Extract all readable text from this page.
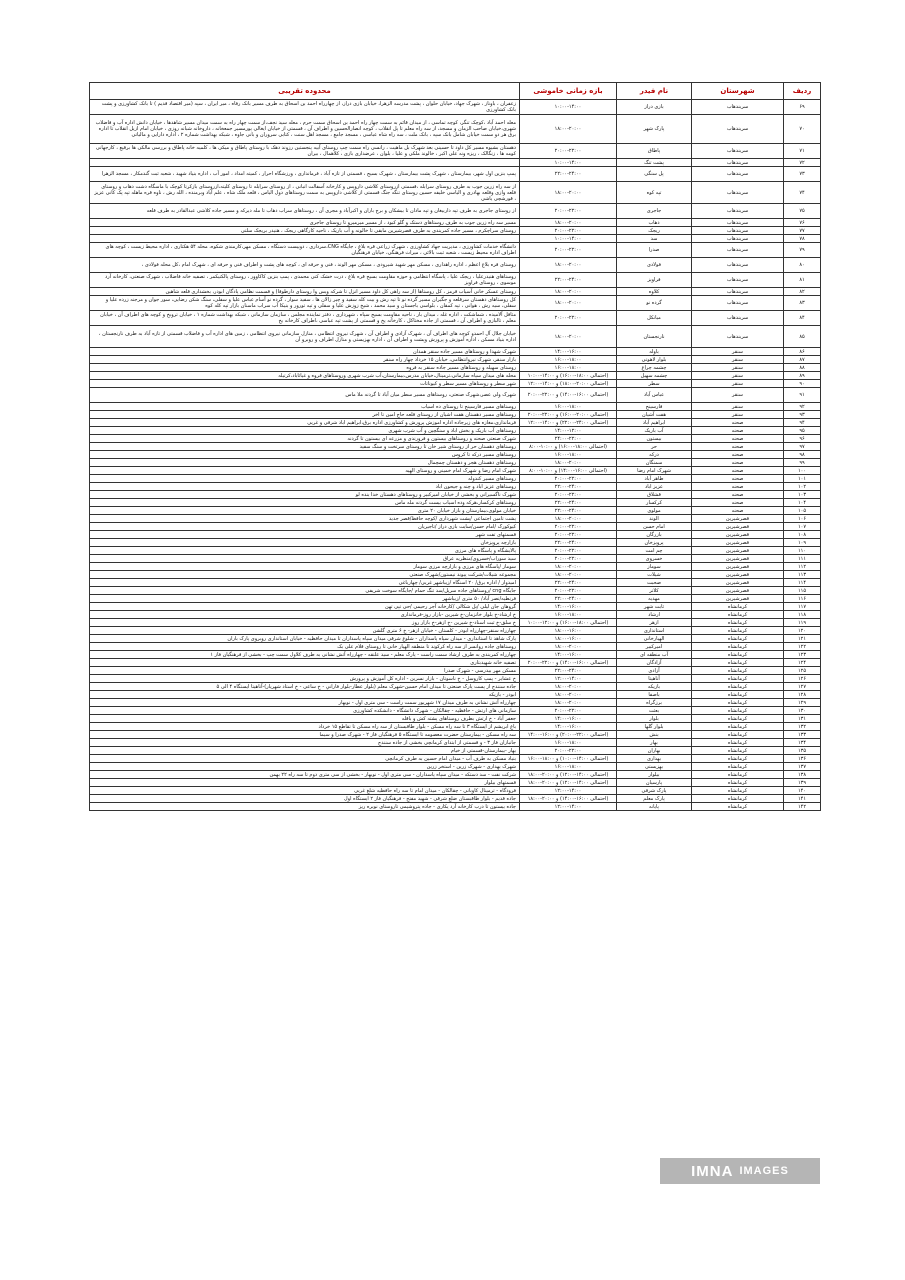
ردیف	شهرستان	نام فیدر	بازه زمانی خاموشی	محدوده تقریبی
۶۹	سربندهاب	بازی دراز	۱۰:۰۰-۱۴:۰۰	زعفران ، باوناز ، شهرک جهاد، خیابان حلوان ، پشت مدرسه الزهرا، خیابان بازی دراز، از چهارراه احمد بن اسحاق به طرف مسیر بانک رفاه ، میر ایران ، سپه (میر اقتصاد قدیم ) تا بانک کشاورزی و پشت بانک کشاورزی
۷۰	سربندهاب	پارک شهر	۱۸:۰۰-۲۰:۰۰	معله احمد آباد ،کوچک تنگر، کوچه تماسی ، از میدان قائم به سمت چهار راه احمد بن اسحاق سمت حرم ، معله سید نجف،از سمت چهار راه به سمت میدان مسیر شاهدها ، خیابان دانش اداره آب و فاضلاب شهری،خیابان صاحب الزمان و مسجد، از سه راه معلم تا پل انقلاب ، کوچه انصارالحسین و اطراف آن ، قسمتی از خیابان ایغالی پورمسیر جمعخانه ، داروخانه شبانه روزی ، خیابان امام ازیل انقلاب تا اداره برق هر دو سمت خیابان شامل بانک سپه ، بانک ملت ، سه راه شاه عباسی ، مسجد جامع ، مسجد اهل سنت ، کتابی سروران و بانی جاوه ، شبکه بهداشت شماره ۲ ، اداره دارایی و مالیاتی
۷۱	سربندهاب	پاطاق	۲۰:۰۰-۲۲:۰۰	دهستان بشیوه مسیر کل داود تا حسینی بعد شهرک بل ماهیت ، رانسی راه سمت چپ روستای آبیه پنجستین رزوند دهک با روستای پاطاق و میکی ها ، کلمیه خانه پاطاق و بررسی مالکی ها برقیع ، کارجهانی کومه ها ، زنگالک ، ریزه ونه علی اکبر ، خالوند ملکی و علیا ، بلوان ، عرضداری بازی ، کلاهمال ، بیران
۷۲	سربندهاب	پشت تنگ	۱۰:۰۰-۱۴:۰۰	
۷۳	سربندهاب	پل سنگی	۲۲:۰۰-۲۴:۰۰	پمپ بنزین اول شهر، بیمارستان ، شهرک پشت بیمارستان ، شهرک بسیج ، قسمتی از تازه آباد ، فرمانداری ، ورزشگاه احرار ، کمیته امداد ، امور آب ، اداره بنیاد شهید ، شعبه ثبت گندمکار ، مسجد الزهرا
۷۴	سربندهاب	تپه کوه	۱۸:۰۰-۲۰:۰۰	از سه راه زرین جوب به طرف روستای سرابله ،قسمتی ازروستای کلاشی داروپس و کارخانه آسفالت انبانی ، از روستای سرابله تا روستای کلیته،ازروستای بازکرتا کوچک با ماسگاه دشت ذهاب و روستای قلعه وازی وقلعه بهادری و الیاسی خلیفه حسین روستای تنگه جنگ قسمتی از کلاشی داروپس به سمت روستاهای دول الیاس ، قلعه ملک شاه ، علم آباد وبرمنده ، الله رش ، ناوه قره ماهله تپه پک کانی عزیز ، قورشچی یاشی
۷۵	سربندهاب	جاجری	۲۰:۰۰-۲۲:۰۰	از روستای جاجری به طرف تپه داربیغان و تپه مادان تا بیشکان و برج باران و اکبرآباد و مجری آن ، روستاهای سراب دهاب تا مله دیرکه و مسیر جاده کلاشی عبدالقادر به طرف قلعه
۷۶	سربندهاب	ذهاب	۱۸:۰۰-۲۰:۰۰	مسیر سه راه زرین جوب به طرف روستاهای دستک و گلو کبود ، از مسیر میرمیرو تا روستای جاجری
۷۷	سربندهاب	ریجک	۲۰:۰۰-۲۲:۰۰	روستای سراچکرم ، مسیر جاده کمربندی به طرف قصرشیرین مابقی تا خالونه و آب باریک ، ناحیه کارگاهی ریجک ، هنیدر بریجک سلتی
۷۸	سربندهاب	سد	۱۰:۰۰-۱۴:۰۰	
۷۹	سربندهاب	صدرا	۲۰:۰۰-۲۲:۰۰	دانشگاه خدمات کشاورزی ، مدیریت جهاد کشاورزی ، شهرک زراعی قره بلاغ ، جایگاه CNG،سرداری ، دوییست دستگاه ، مسکن مهر،کارمندی شکوه، محله ۵۴ هکتاری ، اداره محیط زیست ، کوچه های اطراف اداره محیط زیست ، شعبه ثبت بالائی ، میراث فرهنگی، خیابان فرهنگیان
۸۰	سربندهاب	فولادی	۱۸:۰۰-۲۰:۰۰	روستای قره بلاغ اعظم ، اداره راهداری ، مسکن مهر شهید شیرودی ، مسکن مهر الوند ، فنی و حرفه ای ، کوچه های پشت و اطراف فنی و حرفه ای ، شهرک امام ،کل محله فولادی ،
۸۱	سربندهاب	فراویز	۲۲:۰۰-۲۴:۰۰	روستاهای هنیدرعلیا ، ریجک علیا ، پاسگاه انتظامی و حوزه مقاومت بسیج قره بلاغ ، ذرت خشک کنی محمدی ، پمپ بنزین کاکاوور ، روستای پالکنیکمر ، تصفیه خانه فاضلاب ، شهرک صنعتی، کارخانه آرد موسوی ، روستای فراویز
۸۲	سربندهاب	کلاوه	۱۸:۰۰-۲۰:۰۰	روستای عسکر خانی آسیاب قرمز ، کل روستاها (از سه راهی کل داود مسیر انزل تا شرکه ویس وا روستای دارطوفا) و قسمت نظامی پادگان ابوذر، بخشداری قلعه شاهین
۸۳	سربندهاب	گرده نو	۱۸:۰۰-۲۰:۰۰	کل روستاهای دهستان سرقلعه و جگیران مسیر گرده نو تا تپه رش و بیت کله سفید و چیر زالان ها ، سفید سوار ، گرده نو آسام عباس علیا و سفلی، سنگ شکن رضایی، سور جوان و مرجنه زرده علیا و سفلی، سیه رش ، هوانی ، تپه کمقان ، بلواسی باجستان و سید محمد ، شیخ زوزش علیا و سفلی و تپه تورور و بنیکا آب سراب ماسنان بازار تپه کله کوه
۸۴	سربندهاب	میانکل	۲۰:۰۰-۲۲:۰۰	مثافل آلامیده ، شماشکت ، اداره غله ، میدان بار ، ناحیه مقاومت بسیج سپاه ، شهرداری ، دفتر نماینده مجلس ، سازمان سازمانی ، شبکه بهداشت شماره ۱ ، خیابان تروبخ و کوچه های اطراف آن ، خیابان معلم ، تالبازی و اطراف آن ، قسمتی از جاده مختاکل ، کارخانه یخ و قسمتی از پشت تپه عباسی ،اطراف کارخانه یخ
۸۵	سربندهاب	نارنجستان	۱۸:۰۰-۲۰:۰۰	خیابان جلال آل احمدو کوچه های اطراف آن ، شهرک آزادی و اطراف آن ، شهرک نیروی انتظامی ، منازل سازمانی نیروی انتظامی ، زمین های اداره آب و فاضلاب قسمتی از تازه آباد به طرف نارنجستان ، اداره بنیاد مسکن ، اداره آموزش و پرورش وپشت و اطراف آن ، اداره بهزیستی و منازل اطراف و روبرو آن
۸۶	سنقر	باوله	۱۴:۰۰-۱۶:۰۰	شهرک شهدا و روستاهای مسیر جاده سنقر همدان
۸۷	سنقر	بلوار لاهوتی	۱۶:۰۰-۱۸:۰۰	بازار سنقر، شهرک نیروانتظامی، خیابان ۱۵ خرداد چهار راه سنقر
۸۸	سنقر	چشمه چراغ	۱۶:۰۰-۱۸:۰۰	روستای سهیله و روستاهای مسیر جاده سنقر به فروه
۸۹	سنقر	چشمه سهیل	(احتمالی ۱۸:۰۰-۱۶:۰۰) و ۱۴:۰۰-۱۰:۰۰	محله های میدان سپاه سازمانی،ترمینال،خیابان مدرس،بیمارستان،آب شرب شهری وروستاهای فروه و غیاثاباد،کرتیله
۹۰	سنقر	سطر	(احتمالی ۲۰:۰۰-۱۸:۰۰) و ۱۴:۰۰-۱۲:۰۰	شهر سطر و روستاهای مسیر سطر و کیوناتات
۹۱	سنقر	عباس آباد	(احتمالی ۱۶:۰۰-۱۴:۰۰) و ۲۲:۰۰-۲۰:۰۰	شهرک ولی عصر،شهرک صنعتی، روستاهای مسیر سطر میان آباد تا گردنه ملا ماس
۹۲	سنقر	فارسینج	۱۶:۰۰-۱۸:۰۰	روستاهای مسیر فارسینج تا روستای ده اسیاب
۹۳	سنقر	هفت آشیان	(احتمالی ۲۰:۰۰-۱۶:۰۰) و ۲۲:۰۰-۲۰:۰۰	روستاهای مسیر دهستان هفت اشیان از روستای قلعه حاج امین تا اخر
۹۴	صحنه	ابراهیم آباد	(احتمالی ۲۴:۰۰-۲۲:۰۰) و ۱۴:۰۰-۱۲:۰۰	فرمانداری،مغازه های زیرجاده اداره اموزش پرورش و کشاورزی اداره برق،ابراهیم اباد شرقی و غربی
۹۵	صحنه	آب باریک	۱۴:۰۰-۱۲:۰۰	روستاهای آب باریک و بخش اباد و سنگچین و آب شرب شهری
۹۶	صحنه	بیستون	۲۴:۰۰-۲۲:۰۰	شهرک صنعتی صحنه و روستاهای بیستون و فرورندی و مزرعه ای بیستون تا گردنه
۹۷	صحنه	حر	(احتمالی ۱۸:۰۰-۱۶:۰۰) و ۱۰:۰۰-۸:۰۰	روستاهای دهستان حر از روستای شیر خان تا روستای سرتخت و سنگ سفید
۹۸	صحنه	درکه	۱۶:۰۰-۱۸:۰۰	روستاهای مسیر درکه تا کروس
۹۹	صحنه	سمنگان	۱۸:۰۰-۲۰:۰۰	روستاهای دهستان هجر و دهستان چمچمال
۱۰۰	صحنه	شهرک امام رضا	(احتمالی ۱۶:۰۰-۱۴:۰۰) و ۱۰:۰۰-۸:۰۰	شهرک امام رضا و شهرک امام خمینی و روستای الهیه
۱۰۱	صحنه	طاهر آباد	۲۰:۰۰-۲۲:۰۰	روستاهای مسیر کندوله
۱۰۲	صحنه	عزیز اباد	۲۲:۰۰-۲۴:۰۰	روستاهای عزیز اباد و چنه و جیحون اباد
۱۰۳	صحنه	قشلاق	۲۰:۰۰-۲۲:۰۰	شهرک ناگسیرانی و بخشی از خیابان امیرکبیر و روستاهای دهستان خدا بنده لو
۱۰۴	صحنه	کرکسار	۲۲:۰۰-۲۴:۰۰	روستاهای کرکسار،هرکه وده اسیاب بیست گردنه مله ماس
۱۰۵	صحنه	مولوی	۲۲:۰۰-۲۴:۰۰	خیابان مولوی،بیمارستان و بازار خیابان ۲۰ متری
۱۰۶	قصرشیرین	الوند	۱۸:۰۰-۲۰:۰۰	پشت تامین اجتماعی /پشت شهرداری /کوچه حافظ/قصر جدید
۱۰۷	قصرشیرین	امام حسن	۲۰:۰۰-۲۲:۰۰	کیوکورک /امام حسن/سایت بازی دراز /تاجیریان
۱۰۸	قصرشیرین	بازرگان	۲۰:۰۰-۲۲:۰۰	قسمتهای تفت شهر
۱۰۹	قصرشیرین	پرویزخان	۲۲:۰۰-۲۴:۰۰	بازارچه پرویزخان
۱۱۰	قصرشیرین	چم امت	۲۰:۰۰-۲۲:۰۰	پالایشگاه و پاسگاه های مرزی
۱۱۱	قصرشیرین	خسروی	۲۰:۰۰-۲۲:۰۰	سید سوراب/خسروی/منظریه عراق
۱۱۲	قصرشیرین	سوماز	۱۸:۰۰-۲۰:۰۰	سوماز /پاسگاه های مرزی و بازارچه مرزی سوماز
۱۱۳	قصرشیرین	شیلات	۱۸:۰۰-۲۰:۰۰	مجموعه شیلات/شرکت پیوند نیستون/شهرک صنعتی
۱۱۴	قصرشیرین	صحبت	۲۲:۰۰-۲۴:۰۰	امیدوار / اداره برق/ ۲۰ اسنگاه /زیباشهر غربی/ چهارباغی
۱۱۵	قصرشیرین	کلاتر	۲۰:۰۰-۲۲:۰۰	جایگاه cng /روستاهای جاده سرپل/سد تنگ حمام /جایگاه سوخت شریفی
۱۱۶	قصرشیرین	مهدیه	۲۲:۰۰-۲۴:۰۰	فرنطیه/نصر آباد/ ۵۰ متری /زیباشهر
۱۱۷	کرمانشاه	ثابت شهر	۱۴:۰۰-۱۶:۰۰	گروهان جان لیلی /پل شکالی /کارخانه آجر رحیمی /حی تپی تهن
۱۱۸	کرمانشاه	ارشاد	۱۶:۰۰-۱۸:۰۰	خ ارشاد-خ بلوار خانزمان-خ شیرین -بازار روز-فرمانداری
۱۱۹	کرمانشاه	ازهر	(احتمالی ۱۸:۰۰-۱۶:۰۰) و ۱۲:۰۰-۱۰:۰۰	خ سلق-خ ثبت اسناد-خ شیرین -خ ازهر-خ بازار روز
۱۲۰	کرمانشاه	استانداری	۱۸:۰۰-۱۶:۰۰	چهارراه سنقر-چهارراه ابوذر - کلستان - خیابان ازهر- خ ۶ متری گلشن
۱۲۱	کرمانشاه	الهیارخانی	۱۸:۰۰-۱۶:۰۰	پارک شاهد تا استانداری - میدان سپاه پاسداران - شلوغ شرقی میدان سپاه پاسداران تا میدان حافظیه - خیابان استانداری روبروی پارک باران
۱۲۲	کرمانشاه	امیرکبیر	۱۸:۰۰-۲۰:۰۰	روستاهای جاده روانسر از سه راه کرکوند تا منطقه الهیار خانی تا روستای قلام علی بک
۱۲۳	کرمانشاه	آب منطقه ای	۱۴:۰۰-۱۶:۰۰	چهارراه کمربندی به طرف ارشاد سمت راست - پارک معلم - سید علنقه - چهارراه آتش نشانی به طرف کلاول سمت چپ - بخشی از فرهنگیان فاز ۱
۱۲۴	کرمانشاه	آزادگان	(احتمالی ۱۶:۰۰-۱۴:۰۰) و ۲۲:۰۰-۲۰:۰۰	تصفیه خانه شهیدبتاری
۱۲۵	کرمانشاه	آزادی	۲۲:۰۰-۲۴:۰۰	مسکن مهر بیدرسی - شهرک صدرا
۱۲۶	کرمانشاه	آناهیتا	۱۲:۰۰-۱۴:۰۰	خ عشایر - پمپ کاروسل - خ ناسوتان - بازار نسرین - اداره کل آموزش و پرورش
۱۲۷	کرمانشاه	بازیکه	۱۸:۰۰-۲۰:۰۰	جاده سنندج از پست پارک صنعتی تا میدان امام حسین-شهرک معلم (بلوار عطار-بلوار فاراني - خ ساعی - خ استاد شهریار)-آناهیتا ایستگاه ۴ الی ۵
۱۲۸	کرمانشاه	باصفا	۱۸:۰۰-۲۰:۰۰	ابوذر - بازیکه
۱۲۹	کرمانشاه	برزگراه	۱۸:۰۰-۲۰:۰۰	چهارراه آتش نشانی به طرف میدان ۱۷ شهریور سمت راست - سی متری اول - نوبهار
۱۳۰	کرمانشاه	بعثت	۲۰:۰۰-۲۲:۰۰	سازمانی های ارتش - حافظیه - چقالکان - شهرک دانشگاه - دانشکده کشاورزی
۱۳۱	کرمانشاه	بلوار	۱۴:۰۰-۱۶:۰۰	جعفر آباد - خ ارتش بطرف روستاهای پشته کش و باقله
۱۳۲	کرمانشاه	بلوار گلها	۱۴:۰۰-۱۶:۰۰	باغ ابریشم از ایستگاه ۳ تا سه راه مسکن - بلوار طاقبستان از سه راه مسکن تا تقاطع ۱۵ خرداد
۱۳۳	کرمانشاه	بنش	(احتمالی ۲۲:۰۰-۲۰:۰۰) و ۱۶:۰۰-۱۴:۰۰	سه راه مسکن - بیمارستان حضرت معصومه تا ایستگاه ۵ فرهنگیان فاز ۲ - شهرک صدرا و سیما
۱۳۴	کرمانشاه	بهار	۱۶:۰۰-۱۸:۰۰	جانبازان فاز ۳ - و قسمتی از ابتدای کرمانچی بخشی از جاده سنندج
۱۳۵	کرمانشاه	بهاران	۲۰:۰۰-۲۲:۰۰	بهار -بیمارستان-قسمتی از خیام
۱۳۶	کرمانشاه	بهداری	(احتمالی ۱۴:۰۰-۱۰:۰۰) و ۱۸:۰۰-۱۶:۰۰	بنیاد مسکن به طرف آب - میدان امام حسین به طرف کرمانچی
۱۳۷	کرمانشاه	بهزیستی	۱۶:۰۰-۱۸:۰۰	شهرک بهداری - شهرک زرین - استخر زرین
۱۳۸	کرمانشاه	بیلوار	(احتمالی ۱۴:۰۰-۱۲:۰۰) و ۲۰:۰۰-۱۸:۰۰	شرکت نفت - سد دستکه - میدان سپاه پاسداران - سی متری اول - نوبهار - بخشی از سی متری دوم تا سه راه ۲۲ بهمن
۱۳۹	کرمانشاه	پارسیان	(احتمالی ۱۴:۰۰-۱۲:۰۰) و ۲۰:۰۰-۱۸:۰۰	قسمتهای بیلوار
۱۴۰	کرمانشاه	پارک شرقی	۱۲:۰۰-۱۴:۰۰	فرودگاه - ترمینال کاوبانی - چقالکان - میدان امام تا سه راه حافظیه شلغ غربی
۱۴۱	کرمانشاه	پارک معلم	(احتمالی ۱۶:۰۰-۱۴:۰۰) و ۲۰:۰۰-۱۸:۰۰	جاده قدیم - بلوار طاقبستان ضلع شرقی - شهید مفتح - فرهنگیان فاز ۲ ایستگاه اول
۱۴۲	کرمانشاه	پایانه	۱۲:۰۰-۱۴:۰۰	جاده بیستون تا درب کارخانه آرد یکاری - جاده پتروشیمی تاروستای نوبره ریز
IMNA IMAGES
